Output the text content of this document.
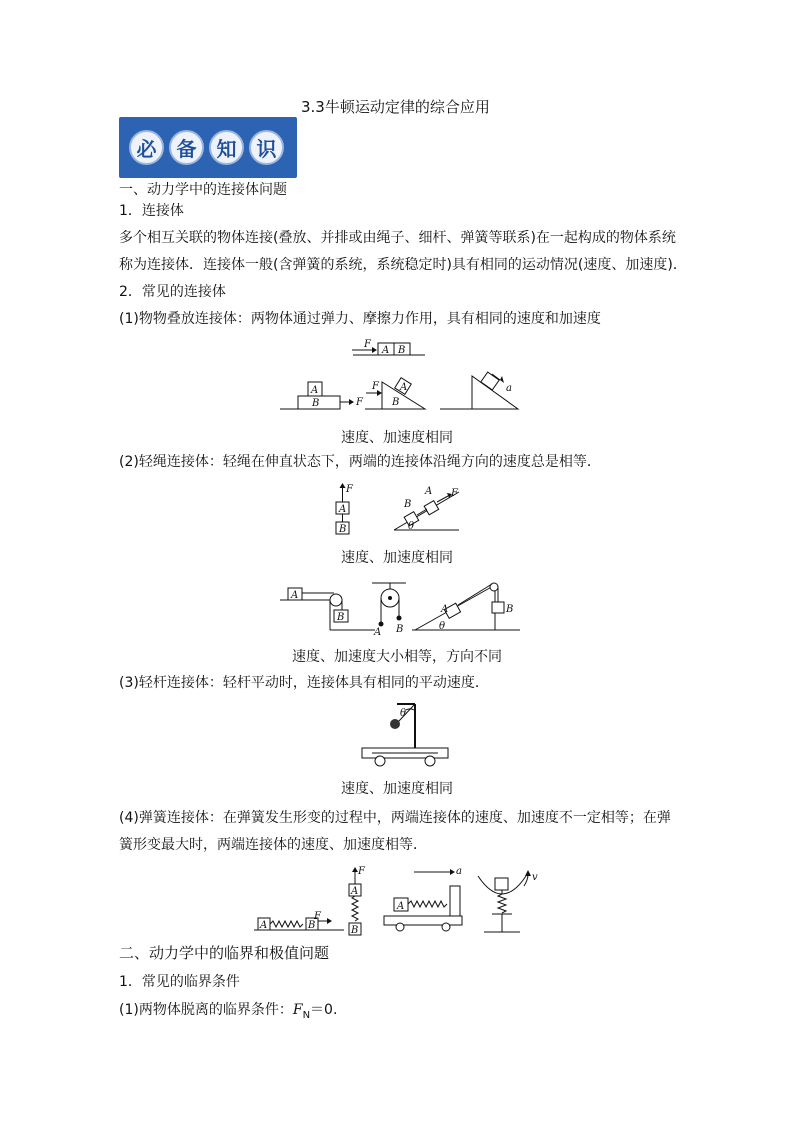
3.3牛顿运动定律的综合应用
必	备	知	识
一、动力学中的连接体问题
1．连接体
多个相互关联的物体连接(叠放、并排或由绳子、细杆、弹簧等联系)在一起构成的物体系统
称为连接体．连接体一般(含弹簧的系统，系统稳定时)具有相同的运动情况(速度、加速度)．
2．常见的连接体
(1)物物叠放连接体：两物体通过弹力、摩擦力作用，具有相同的速度和加速度
F
A B
B
A
F	B
A
F	a
速度、加速度相同
(2)轻绳连接体：轻绳在伸直状态下，两端的连接体沿绳方向的速度总是相等．
A
B
F
B
A F
θ
速度、加速度相同
A
B
A B
A	B
θ
速度、加速度大小相等，方向不同
(3)轻杆连接体：轻杆平动时，连接体具有相同的平动速度．
θ
速度、加速度相同
(4)弹簧连接体：在弹簧发生形变的过程中，两端连接体的速度、加速度不一定相等；在弹
簧形变最大时，两端连接体的速度、加速度相等．
A	B
F
A
B
F
A
a
v
二、动力学中的临界和极值问题
1．常见的临界条件
(1)两物体脱离的临界条件：$F_N=0$.
